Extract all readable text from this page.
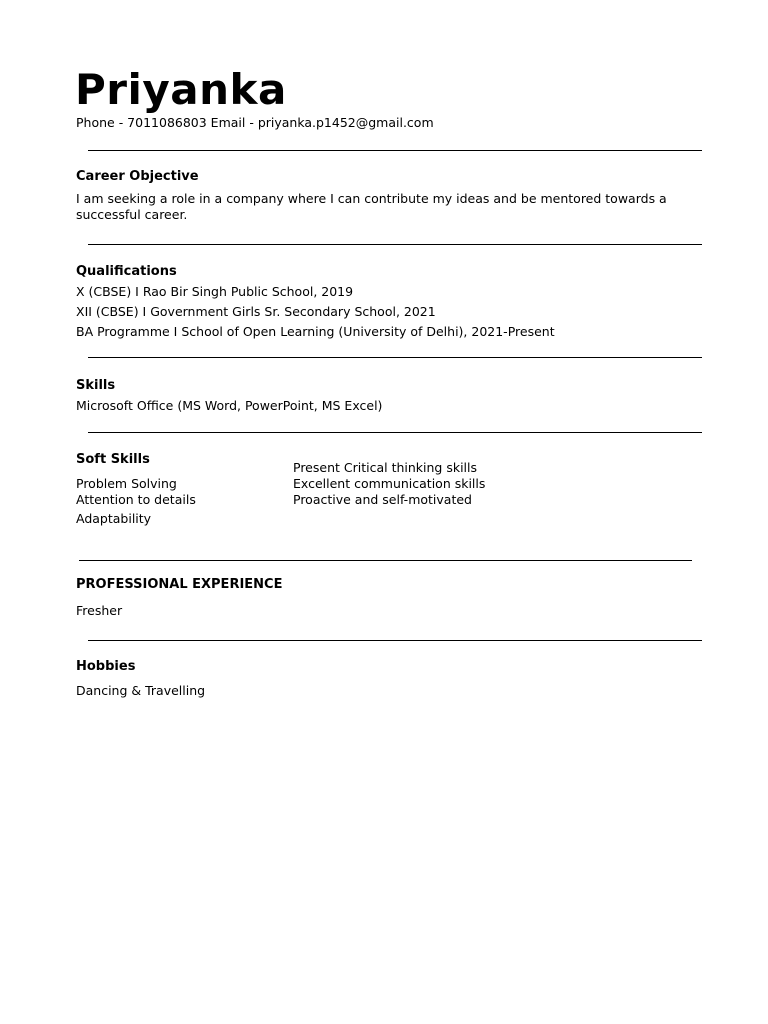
Priyanka
Phone - 7011086803 Email - priyanka.p1452@gmail.com
Career Objective
I am seeking a role in a company where I can contribute my ideas and be mentored towards a successful career.
Qualifications
X (CBSE) I Rao Bir Singh Public School, 2019
XII (CBSE) I Government Girls Sr. Secondary School, 2021
BA Programme I School of Open Learning (University of Delhi), 2021-Present
Skills
Microsoft Office (MS Word, PowerPoint, MS Excel)
Soft Skills
Problem Solving
Attention to details
Adaptability
Present Critical thinking skills
Excellent communication skills
Proactive and self-motivated
PROFESSIONAL EXPERIENCE
Fresher
Hobbies
Dancing & Travelling
